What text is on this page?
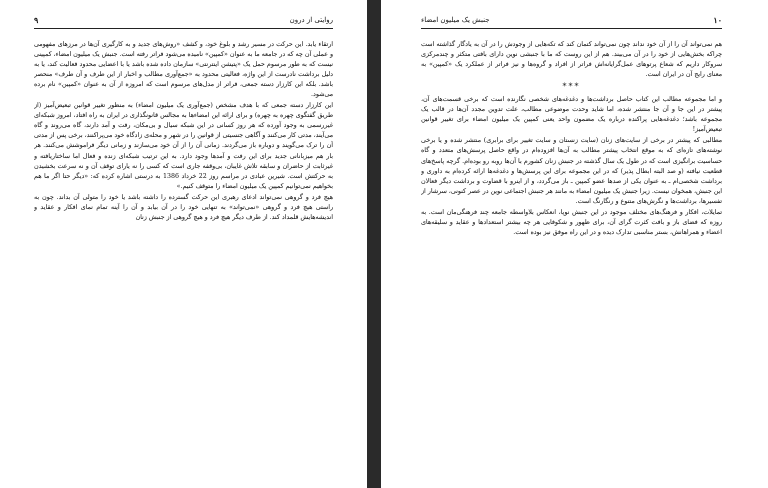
روایتی از درون
۹

ارتقاء یابد. این حرکت در مسیر رشد و بلوغ خود، و کشف «روش‌های جدید و به کارگیری آن‌ها در مرزهای مفهومی و عملی آن چه که در جامعه ما به عنوان «کمپین» نامیده می‌شود فراتر رفته است. جنبش یک میلیون امضاء، کمپینی نیست که به طور مرسوم حمل یک «پتیشن اینترنتی» سازمان داده شده باشد یا با اعضایی محدود فعالیت کند، یا به دلیل برداشت نادرست از این واژه، فعالیتی محدود به «جمع‌آوری مطالب و اخبار از این طرف و آن طرف» منحصر باشد. بلکه این کارزار دسته جمعی، فراتر از مدل‌های مرسوم است که امروزه از آن به عنوان «کمپین» نام برده می‌شود.

این کارزار دسته جمعی که با هدف مشخص (جمع‌آوری یک میلیون امضاء) به منظور تغییر قوانین تبعیض‌آمیز (از طریق گفتگوی چهره به چهره) و برای ارائه این امضاءها به مجالس قانونگذاری در ایران به راه افتاد، امروز شبکه‌ای غیررسمی به وجود آورده که هر روز کسانی در این شبکه سیال و بی‌مکان، رفت و آمد دارند، گاه می‌روند و گاه می‌آیند، مدتی کار می‌کنند و آگاهی جنسیتی از قوانین را در شهر و محله‌ی زادگاه خود می‌پراکنند، برخی پس از مدتی آن را ترک می‌گویند و دوباره باز می‌گردند. زمانی آن را از آن خود می‌سازند و زمانی دیگر فراموشش می‌کنند. هر بار هم میزبانانی جدید برای این رفت و آمدها وجود دارد. به این ترتیب شبکه‌ای زنده و فعال اما ساختاریافته و غیرثابت از حاضران و سابقه تلاش غایبان، بی‌وقفه جاری است که کسی را نه یارای توقف آن و نه سرعت بخشیدن به حرکتش است. شیرین عبادی در مراسم روز 22 خرداد 1386 به درستی اشاره کرده که: «دیگر حتا اگر ما هم بخواهیم نمی‌توانیم کمپین یک میلیون امضاء را متوقف کنیم.»

هیچ فرد و گروهی نمی‌تواند ادعای رهبری این حرکت گسترده را داشته باشد یا خود را متولی آن بداند. چون به راستی هیچ فرد و گروهی «نمی‌تواند» به تنهایی خود را در آن بیابد و آن را آینه تمام نمای افکار و عقاید و اندیشه‌هایش قلمداد کند. از طرف دیگر هیچ فرد و هیچ گروهی از جنبش زنان

۱۰
جنبش یک میلیون امضاء

هم نمی‌تواند آن را از آن خود نداند چون نمی‌تواند کتمان کند که تکه‌هایی از وجودش را در آن به یادگار گذاشته است چراکه بخش‌هایی از خود را در آن می‌بیند. هم از این روست که ما با جنبشی نوین دارای بافتی متکثر و چندمرکزی سروکار داریم که شعاع پرتوهای عمل‌گرایانه‌اش فراتر از افراد و گروه‌ها و نیز فراتر از عملکرد یک «کمپین» به معنای رایج آن در ایران است.

***

و اما مجموعه مطالب این کتاب حاصل برداشت‌ها و دغدغه‌های شخصی نگارنده است که برخی قسمت‌های آن، پیشتر در این جا و آن جا منتشر شده، اما شاید وحدت موضوعی مطالب، علت تدوین مجدد آن‌ها در قالب یک مجموعه باشد؛ دغدغه‌هایی پراکنده درباره یک مضمون واحد یعنی کمپین یک میلیون امضاء برای تغییر قوانین تبعیض‌آمیز!

مطالبی که پیشتر در برخی از سایت‌های زنان (سایت زنستان و سایت تغییر برای برابری) منتشر شده و یا برخی نوشته‌های تازه‌ای که به موقع انتخاب پیشتر مطالب به آن‌ها افزوده‌ام در واقع حاصل پرسش‌های متعدد و گاه حساسیت برانگیزی است که در طول یک سال گذشته در جنبش زنان کشورم با آن‌ها روبه رو بوده‌ام. گرچه پاسخ‌های قطعیت نیافته (و صد البته ابطال پذیر) که در این مجموعه برای این پرسش‌ها و دغدغه‌ها ارائه کرده‌ام به داوری و برداشت شخصی‌ام ـ به عنوان یکی از صدها عضو کمپین ـ باز می‌گردد، و از اینرو با قضاوت و برداشت دیگر فعالان این جنبش، همخوان نیست. زیرا جنبش یک میلیون امضاء به مانند هر جنبش اجتماعی نوین در عصر کنونی، سرشار از تفسیرها، برداشت‌ها و نگرش‌های متنوع و رنگارنگ است.

تمایلات، افکار و فرهنگ‌های مختلف موجود در این جنبش نوپا، انعکاس بلاواسطه جامعه چند فرهنگی‌مان است. به روزه که فضای باز و بافت کثرت گرای آن، برای ظهور و شکوفایی هر چه بیشتر استعدادها و عقاید و سلیقه‌های اعضاء و همراهانش، بستر مناسبی تدارک دیده و در این راه موفق نیز بوده است.
